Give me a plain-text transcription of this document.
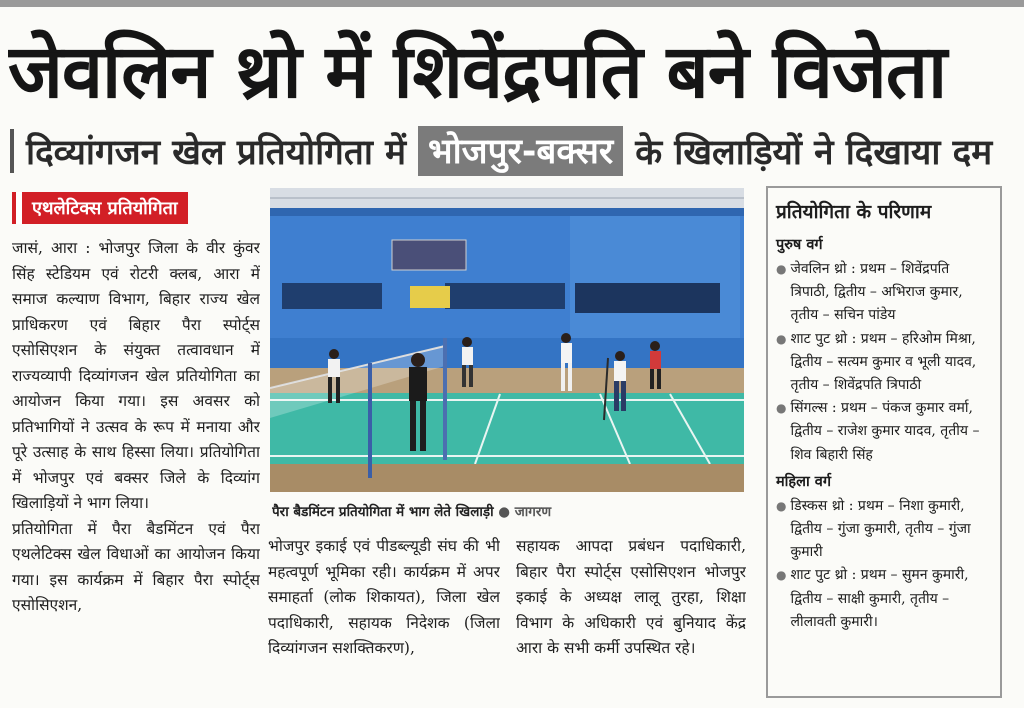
जेवलिन थ्रो में शिवेंद्रपति बने विजेता
दिव्यांगजन खेल प्रतियोगिता में भोजपुर-बक्सर के खिलाड़ियों ने दिखाया दम
एथलेटिक्स प्रतियोगिता

जासं, आरा : भोजपुर जिला के वीर कुंवर सिंह स्टेडियम एवं रोटरी क्लब, आरा में समाज कल्याण विभाग, बिहार राज्य खेल प्राधिकरण एवं बिहार पैरा स्पोर्ट्स एसोसिएशन के संयुक्त तत्वावधान में राज्यव्यापी दिव्यांगजन खेल प्रतियोगिता का आयोजन किया गया। इस अवसर को प्रतिभागियों ने उत्सव के रूप में मनाया और पूरे उत्साह के साथ हिस्सा लिया। प्रतियोगिता में भोजपुर एवं बक्सर जिले के दिव्यांग खिलाड़ियों ने भाग लिया।

प्रतियोगिता में पैरा बैडमिंटन एवं पैरा एथलेटिक्स खेल विधाओं का आयोजन किया गया। इस कार्यक्रम में बिहार पैरा स्पोर्ट्स एसोसिएशन,

पैरा बैडमिंटन प्रतियोगिता में भाग लेते खिलाड़ी ● जागरण
भोजपुर इकाई एवं पीडब्ल्यूडी संघ की भी महत्वपूर्ण भूमिका रही। कार्यक्रम में अपर समाहर्ता (लोक शिकायत), जिला खेल पदाधिकारी, सहायक निदेशक (जिला दिव्यांगजन सशक्तिकरण),
सहायक आपदा प्रबंधन पदाधिकारी, बिहार पैरा स्पोर्ट्स एसोसिएशन भोजपुर इकाई के अध्यक्ष लालू तुरहा, शिक्षा विभाग के अधिकारी एवं बुनियाद केंद्र आरा के सभी कर्मी उपस्थित रहे।
प्रतियोगिता के परिणाम
पुरुष वर्ग
● जेवलिन थ्रो : प्रथम – शिवेंद्रपति त्रिपाठी, द्वितीय – अभिराज कुमार, तृतीय – सचिन पांडेय
● शाट पुट थ्रो : प्रथम – हरिओम मिश्रा, द्वितीय – सत्यम कुमार व भूली यादव, तृतीय – शिवेंद्रपति त्रिपाठी
● सिंगल्स : प्रथम – पंकज कुमार वर्मा, द्वितीय – राजेश कुमार यादव, तृतीय – शिव बिहारी सिंह
महिला वर्ग
● डिस्कस थ्रो : प्रथम – निशा कुमारी, द्वितीय – गुंजा कुमारी, तृतीय – गुंजा कुमारी
● शाट पुट थ्रो : प्रथम – सुमन कुमारी, द्वितीय – साक्षी कुमारी, तृतीय – लीलावती कुमारी।
